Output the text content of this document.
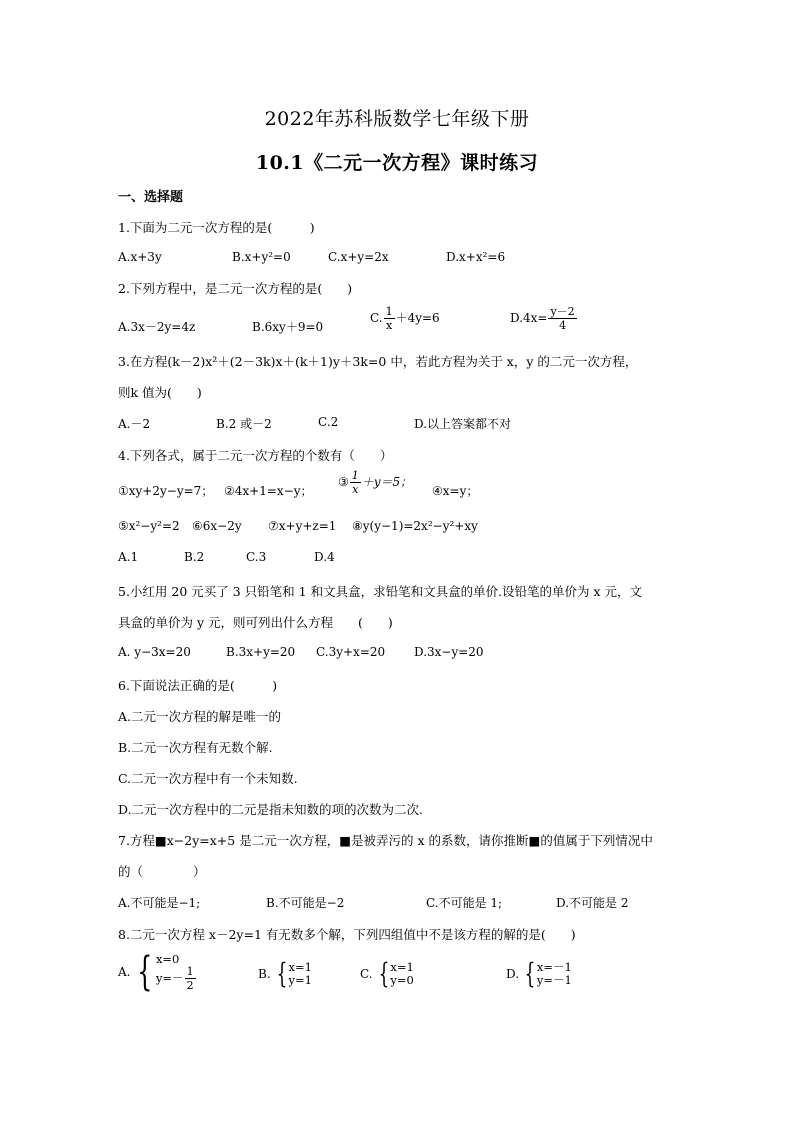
2022年苏科版数学七年级下册
10.1《二元一次方程》课时练习
一、选择题
1.下面为二元一次方程的是(　　　)
A.x+3y	B.x+y²=0	C.x+y=2x	D.x+x²=6
2.下列方程中，是二元一次方程的是(　　)
A.3x－2y=4z	B.6xy＋9=0
C. $\frac{1}{x} +4y=6$	$D.4x= \frac{y-2}{4}$
3.在方程(k－2)x²＋(2－3k)x＋(k＋1)y＋3k=0 中，若此方程为关于 x，y 的二元一次方程，
则k 值为(　　)
A.－2	B.2 或－2	C.2	D.以上答案都不对
4.下列各式，属于二元一次方程的个数有（　　）
①xy+2y−y=7； ②4x+1=x−y；
③ $\frac{1}{x} +y=5$；
④x=y；
⑤x²−y²=2 ⑥6x−2y ⑦x+y+z=1 ⑧y(y−1)=2x²−y²+xy
A.1	B.2	C.3	D.4
5.小红用 20 元买了 3 只铅笔和 1 和文具盒，求铅笔和文具盒的单价.设铅笔的单价为 x 元，文
具盒的单价为 y 元，则可列出什么方程　　(　　)
A. y−3x=20	B.3x+y=20 C.3y+x=20 D.3x−y=20
6.下面说法正确的是(　　　)
A.二元一次方程的解是唯一的
B.二元一次方程有无数个解.
C.二元一次方程中有一个未知数.
D.二元一次方程中的二元是指未知数的项的次数为二次.
7.方程■x−2y=x+5 是二元一次方程，■是被弄污的 x 的系数，请你推断■的值属于下列情况中
的（　　　　）
A.不可能是−1;	B.不可能是−2	C.不可能是 1;	D.不可能是 2
8.二元一次方程 x－2y=1 有无数多个解，下列四组值中不是该方程的解的是(　　)
A. { x=0
$y=- \frac{1}{2}$	B. { x=1
y=1	C. { x=1
y=0	D. { x=－1
y=－1
